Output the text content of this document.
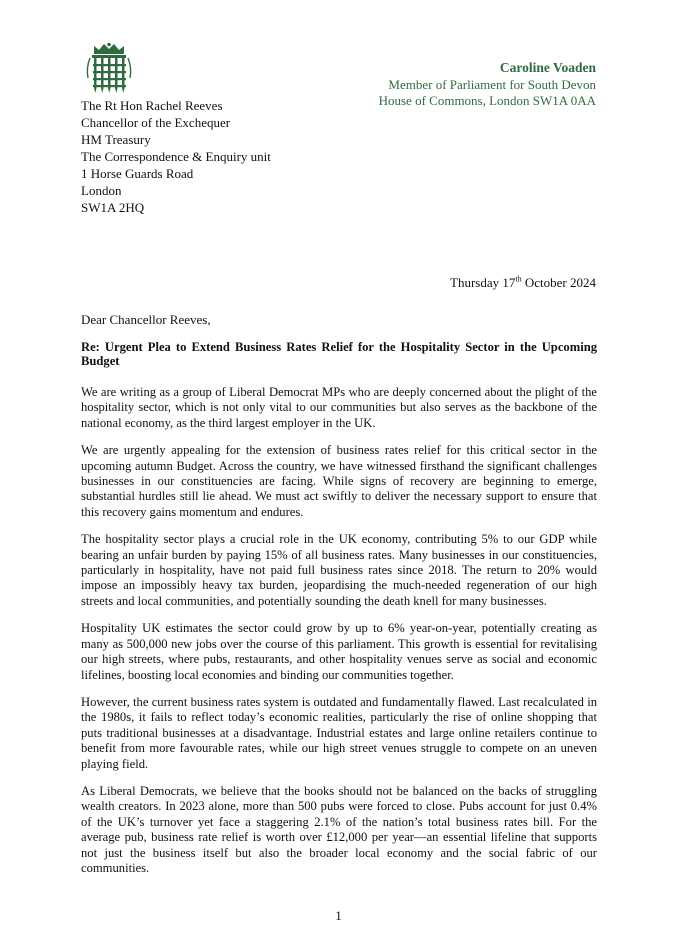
Caroline Voaden
Member of Parliament for South Devon
House of Commons, London SW1A 0AA
The Rt Hon Rachel Reeves
Chancellor of the Exchequer
HM Treasury
The Correspondence & Enquiry unit
1 Horse Guards Road
London
SW1A 2HQ
Thursday 17th October 2024
Dear Chancellor Reeves,
Re: Urgent Plea to Extend Business Rates Relief for the Hospitality Sector in the Upcoming Budget

We are writing as a group of Liberal Democrat MPs who are deeply concerned about the plight of the hospitality sector, which is not only vital to our communities but also serves as the backbone of the national economy, as the third largest employer in the UK.

We are urgently appealing for the extension of business rates relief for this critical sector in the upcoming autumn Budget. Across the country, we have witnessed firsthand the significant challenges businesses in our constituencies are facing. While signs of recovery are beginning to emerge, substantial hurdles still lie ahead. We must act swiftly to deliver the necessary support to ensure that this recovery gains momentum and endures.

The hospitality sector plays a crucial role in the UK economy, contributing 5% to our GDP while bearing an unfair burden by paying 15% of all business rates. Many businesses in our constituencies, particularly in hospitality, have not paid full business rates since 2018. The return to 20% would impose an impossibly heavy tax burden, jeopardising the much-needed regeneration of our high streets and local communities, and potentially sounding the death knell for many businesses.

Hospitality UK estimates the sector could grow by up to 6% year-on-year, potentially creating as many as 500,000 new jobs over the course of this parliament. This growth is essential for revitalising our high streets, where pubs, restaurants, and other hospitality venues serve as social and economic lifelines, boosting local economies and binding our communities together.

However, the current business rates system is outdated and fundamentally flawed. Last recalculated in the 1980s, it fails to reflect today’s economic realities, particularly the rise of online shopping that puts traditional businesses at a disadvantage. Industrial estates and large online retailers continue to benefit from more favourable rates, while our high street venues struggle to compete on an uneven playing field.

As Liberal Democrats, we believe that the books should not be balanced on the backs of struggling wealth creators. In 2023 alone, more than 500 pubs were forced to close. Pubs account for just 0.4% of the UK’s turnover yet face a staggering 2.1% of the nation’s total business rates bill. For the average pub, business rate relief is worth over £12,000 per year—an essential lifeline that supports not just the business itself but also the broader local economy and the social fabric of our communities.

1
